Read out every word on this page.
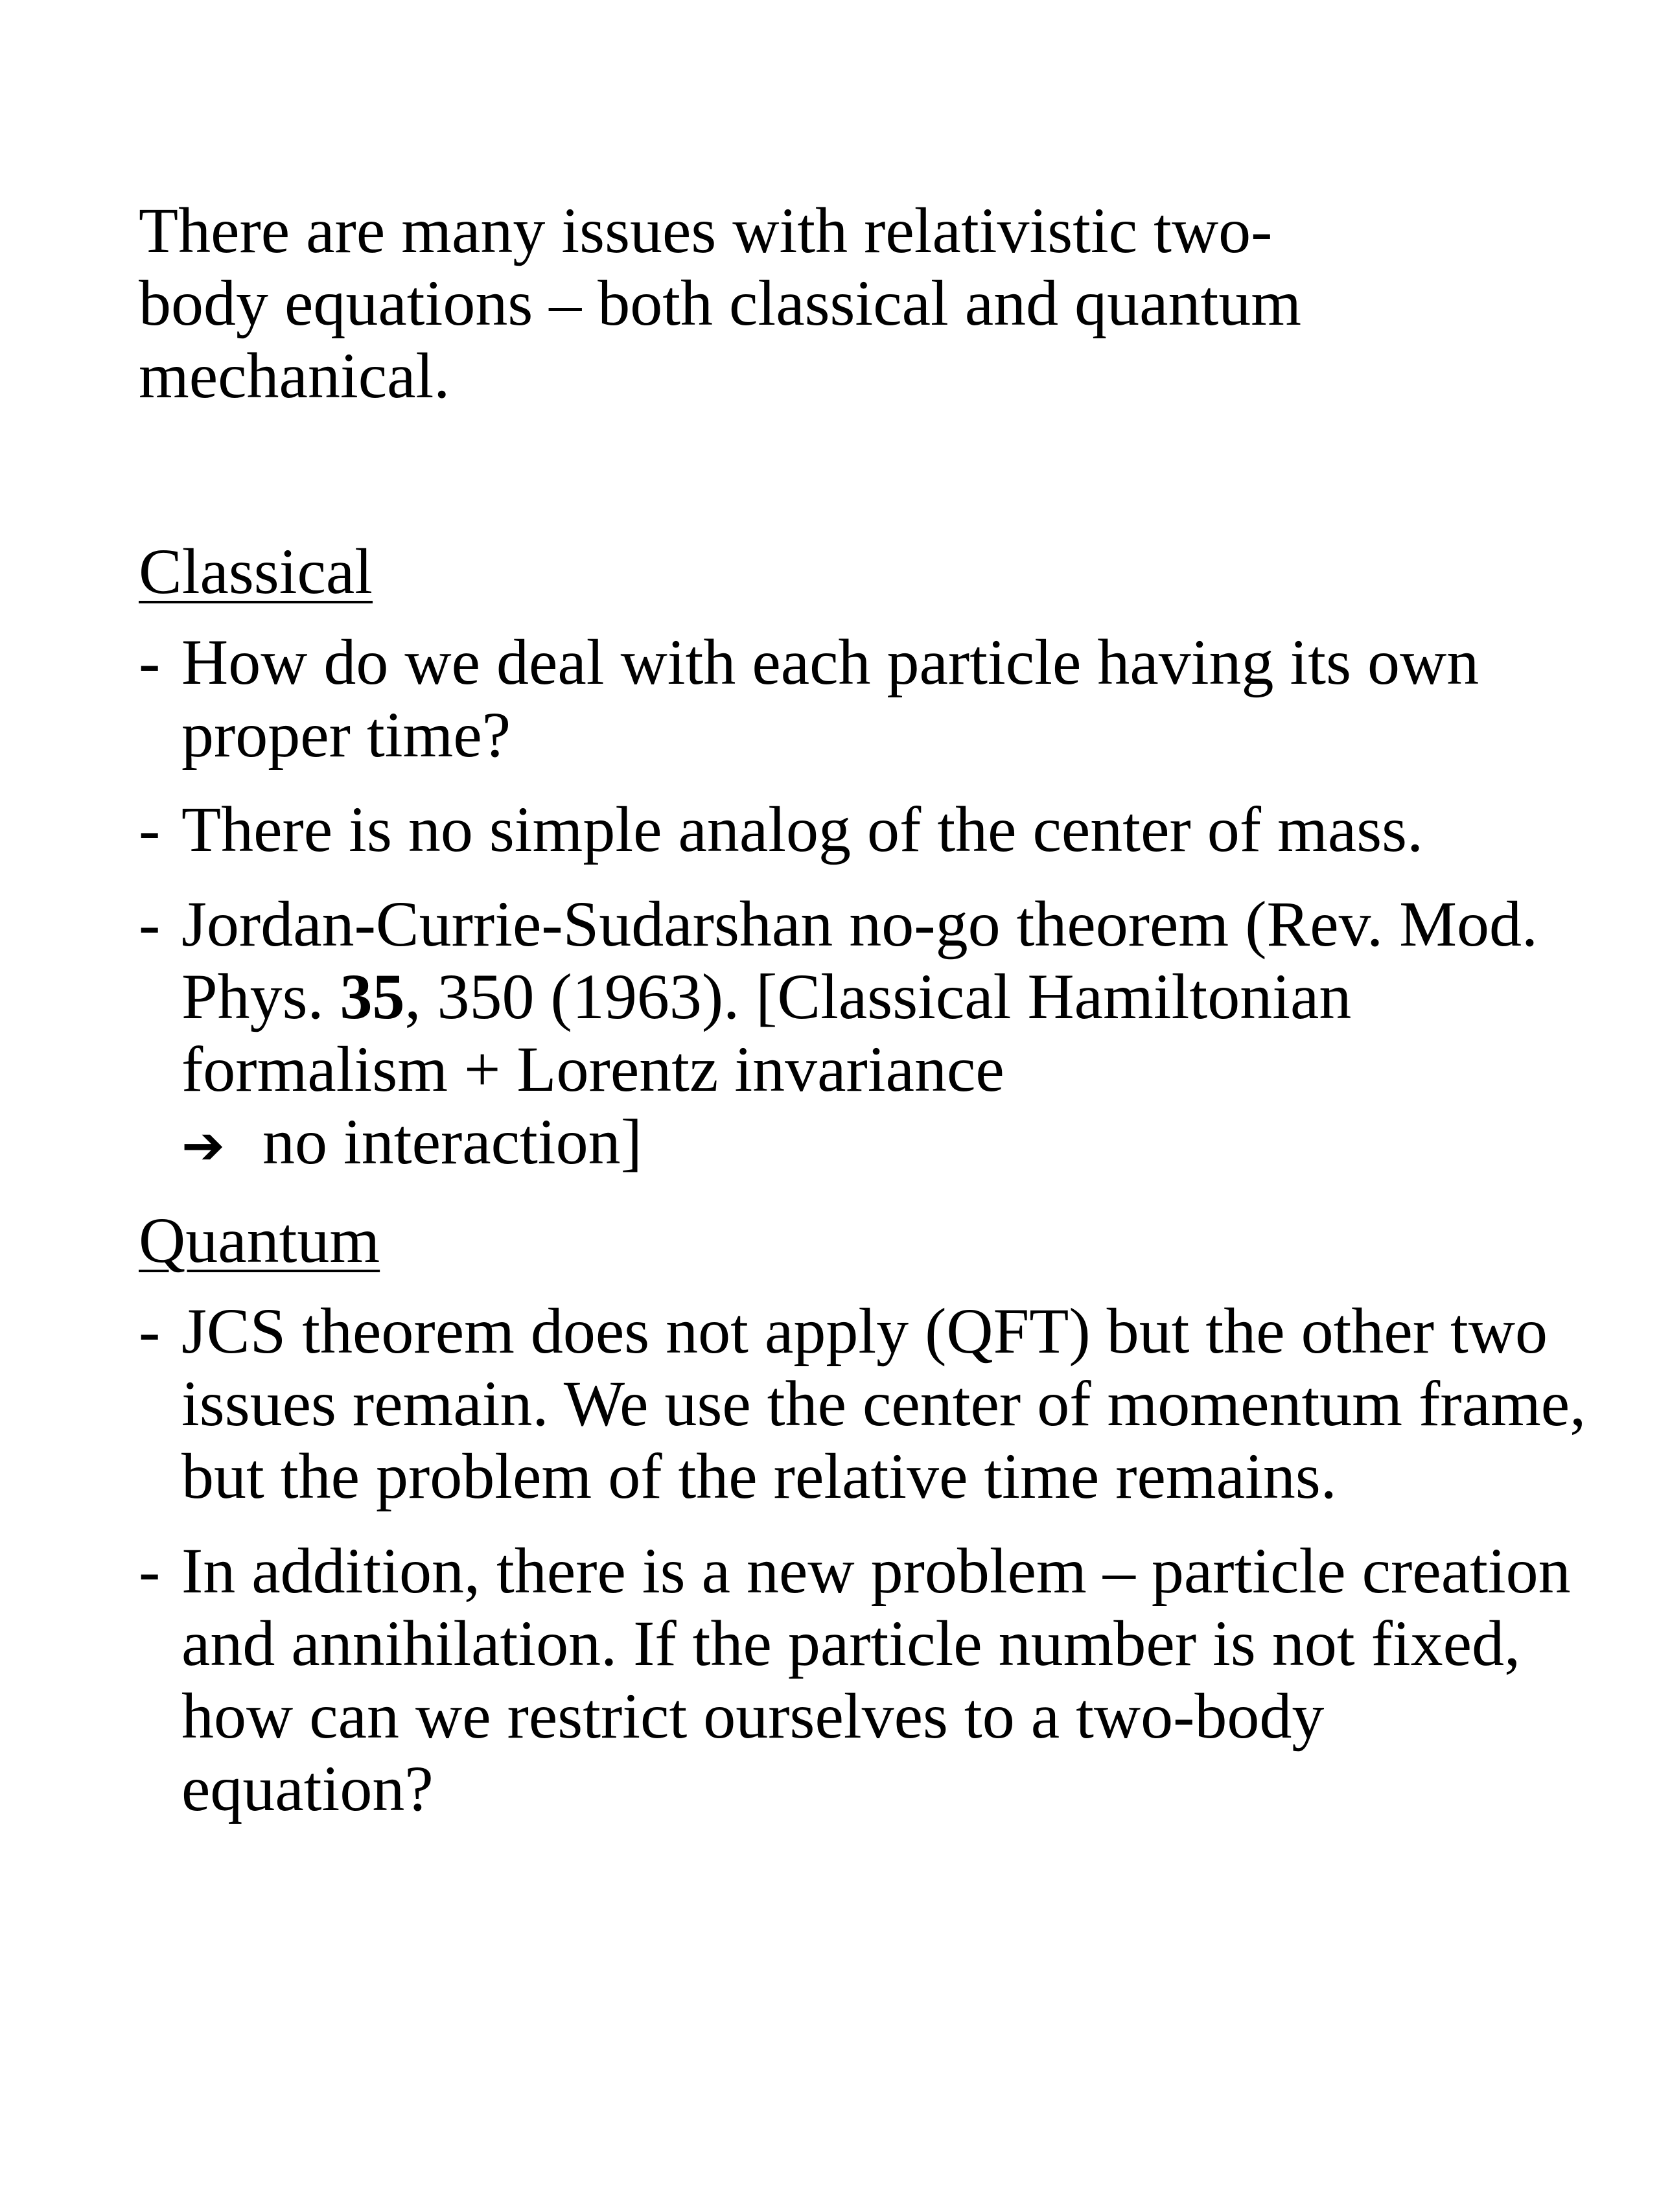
There are many issues with relativistic two-
body equations – both classical and quantum
mechanical.

Classical

-How do we deal with each particle having its own proper time?
-There is no simple analog of the center of mass.
-Jordan-Currie-Sudarshan no-go theorem (Rev. Mod. Phys. 35, 350 (1963). [Classical Hamiltonian formalism + Lorentz invariance
➔ no interaction]

Quantum

-JCS theorem does not apply (QFT) but the other two issues remain. We use the center of momentum frame, but the problem of the relative time remains.
-In addition, there is a new problem – particle creation and annihilation. If the particle number is not fixed, how can we restrict ourselves to a two-body equation?
